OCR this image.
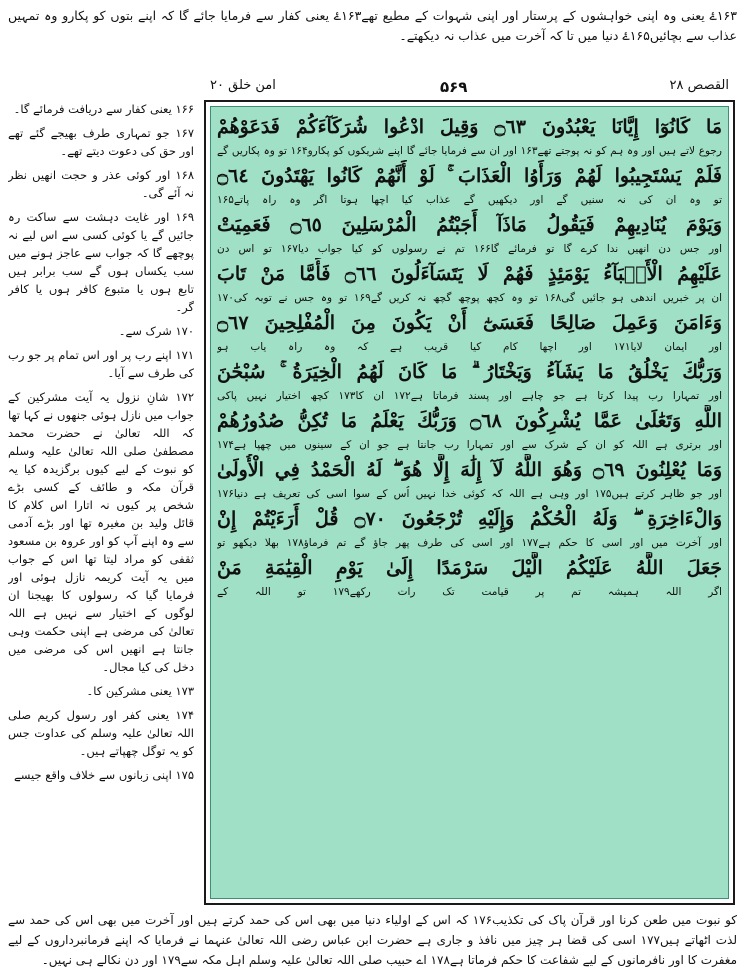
۱۶۳ۓ یعنی وہ اپنی خواہشوں کے پرستار اور اپنی شہوات کے مطیع تھے۱۶۳ۓ یعنی کفار سے فرمایا جائے گا کہ اپنے بتوں کو پکارو وہ تمہیں عذاب سے بچائیں۱۶۵ۓ دنیا میں تا کہ آخرت میں عذاب نہ دیکھتے۔
امن خلق ۲۰	۵۶۹	القصص ۲۸

۱۶۶ یعنی کفار سے دریافت فرمائے گا۔

۱۶۷ جو تمہاری طرف بھیجے گئے تھے اور حق کی دعوت دیتے تھے۔

۱۶۸ اور کوئی عذر و حجت انھیں نظر نہ آئے گی۔

۱۶۹ اور غایت دہشت سے ساکت رہ جائیں گے یا کوئی کسی سے اس لیے نہ پوچھے گا کہ جواب سے عاجز ہونے میں سب یکساں ہوں گے سب برابر ہیں تابع ہوں یا متبوع کافر ہوں یا کافر گر۔

۱۷۰ شرک سے۔

۱۷۱ اپنے رب پر اور اس تمام پر جو رب کی طرف سے آیا۔

۱۷۲ شانِ نزول یہ آیت مشرکین کے جواب میں نازل ہوئی جنھوں نے کہا تھا کہ اللہ تعالیٰ نے حضرت محمد مصطفیٰ صلی اللہ تعالیٰ علیہ وسلم کو نبوت کے لیے کیوں برگزیدہ کیا یہ قرآن مکہ و طائف کے کسی بڑے شخص پر کیوں نہ اتارا اس کلام کا قائل ولید بن مغیرہ تھا اور بڑے آدمی سے وہ اپنے آپ کو اور عروہ بن مسعود ثقفی کو مراد لیتا تھا اس کے جواب میں یہ آیت کریمہ نازل ہوئی اور فرمایا گیا کہ رسولوں کا بھیجنا ان لوگوں کے اختیار سے نہیں ہے اللہ تعالیٰ کی مرضی ہے اپنی حکمت وہی جانتا ہے انھیں اس کی مرضی میں دخل کی کیا مجال۔

۱۷۳ یعنی مشرکین کا۔

۱۷۴ یعنی کفر اور رسول کریم صلی اللہ تعالیٰ علیہ وسلم کی عداوت جس کو یہ توگل چھپاتے ہیں۔

۱۷۵ اپنی زبانوں سے خلاف واقع جیسے

مَا كَانُوٓا إِيَّانَا يَعْبُدُونَ ۝٦٣ وَقِيلَ ادْعُوا شُرَكَآءَكُمْ فَدَعَوْهُمْ

رجوع لاتے ہیں اور وہ ہم کو نہ پوجتے تھے۱۶۳ اور ان سے فرمایا جائے گا اپنے شریکوں کو پکارو۱۶۴ تو وہ پکاریں گے

فَلَمْ يَسْتَجِيبُوا لَهُمْ وَرَأَوُا الْعَذَابَ ۚ لَوْ أَنَّهُمْ كَانُوا يَهْتَدُونَ ۝٦٤

تو وہ ان کی نہ سنیں گے اور دیکھیں گے عذاب کیا اچھا ہوتا اگر وہ راہ پاتے۱۶۵

وَيَوْمَ يُنَادِيهِمْ فَيَقُولُ مَاذَآ أَجَبْتُمُ الْمُرْسَلِينَ ۝٦٥ فَعَمِيَتْ

اور جس دن انھیں ندا کرے گا تو فرمائے گا۱۶۶ تم نے رسولوں کو کیا جواب دیا۱۶۷ تو اس دن

عَلَيْهِمُ الْأَنۢبَآءُ يَوْمَئِذٍ فَهُمْ لَا يَتَسَآءَلُونَ ۝٦٦ فَأَمَّا مَنْ تَابَ

ان پر خبریں اندھی ہو جائیں گی۱۶۸ تو وہ کچھ پوچھ گچھ نہ کریں گے۱۶۹ تو وہ جس نے توبہ کی۱۷۰

وَءَامَنَ وَعَمِلَ صَالِحًا فَعَسَىٰٓ أَنْ يَكُونَ مِنَ الْمُفْلِحِينَ ۝٦٧

اور ایمان لایا۱۷۱ اور اچھا کام کیا قریب ہے کہ وہ راہ یاب ہو

وَرَبُّكَ يَخْلُقُ مَا يَشَآءُ وَيَخْتَارُ ۗ مَا كَانَ لَهُمُ الْخِيَرَةُ ۚ سُبْحَٰنَ

اور تمہارا رب پیدا کرتا ہے جو چاہے اور پسند فرماتا ہے۱۷۲ ان کا۱۷۳ کچھ اختیار نہیں پاکی

اللَّهِ وَتَعَٰلَىٰ عَمَّا يُشْرِكُونَ ۝٦٨ وَرَبُّكَ يَعْلَمُ مَا تُكِنُّ صُدُورُهُمْ

اور برتری ہے اللہ کو ان کے شرک سے اور تمہارا رب جانتا ہے جو ان کے سینوں میں چھپا ہے۱۷۴

وَمَا يُعْلِنُونَ ۝٦٩ وَهُوَ اللَّهُ لَآ إِلَٰهَ إِلَّا هُوَ ۖ لَهُ الْحَمْدُ فِي الْأُولَىٰ

اور جو ظاہر کرتے ہیں۱۷۵ اور وہی ہے اللہ کہ کوئی خدا نہیں اُس کے سوا اسی کی تعریف ہے دنیا۱۷۶

وَالْءَاخِرَةِ ۖ وَلَهُ الْحُكْمُ وَإِلَيْهِ تُرْجَعُونَ ۝٧٠ قُلْ أَرَءَيْتُمْ إِنْ

اور آخرت میں اور اسی کا حکم ہے۱۷۷ اور اسی کی طرف پھر جاؤ گے تم فرماؤ۱۷۸ بھلا دیکھو تو

جَعَلَ اللَّهُ عَلَيْكُمُ الَّيْلَ سَرْمَدًا إِلَىٰ يَوْمِ الْقِيَٰمَةِ مَنْ

اگر اللہ ہمیشہ تم پر قیامت تک رات رکھے۱۷۹ تو اللہ کے

کو نبوت میں طعن کرنا اور قرآن پاک کی تکذیب۱۷۶ کہ اس کے اولیاء دنیا میں بھی اس کی حمد کرتے ہیں اور آخرت میں بھی اس کی حمد سے لذت اٹھاتے ہیں۱۷۷ اسی کی قضا ہر چیز میں نافذ و جاری ہے حضرت ابن عباس رضی اللہ تعالیٰ عنہما نے فرمایا کہ اپنے فرمانبرداروں کے لیے مغفرت کا اور نافرمانوں کے لیے شفاعت کا حکم فرماتا ہے۱۷۸ اے حبیب صلی اللہ تعالیٰ علیہ وسلم اہل مکہ سے۱۷۹ اور دن نکالے ہی نہیں۔
